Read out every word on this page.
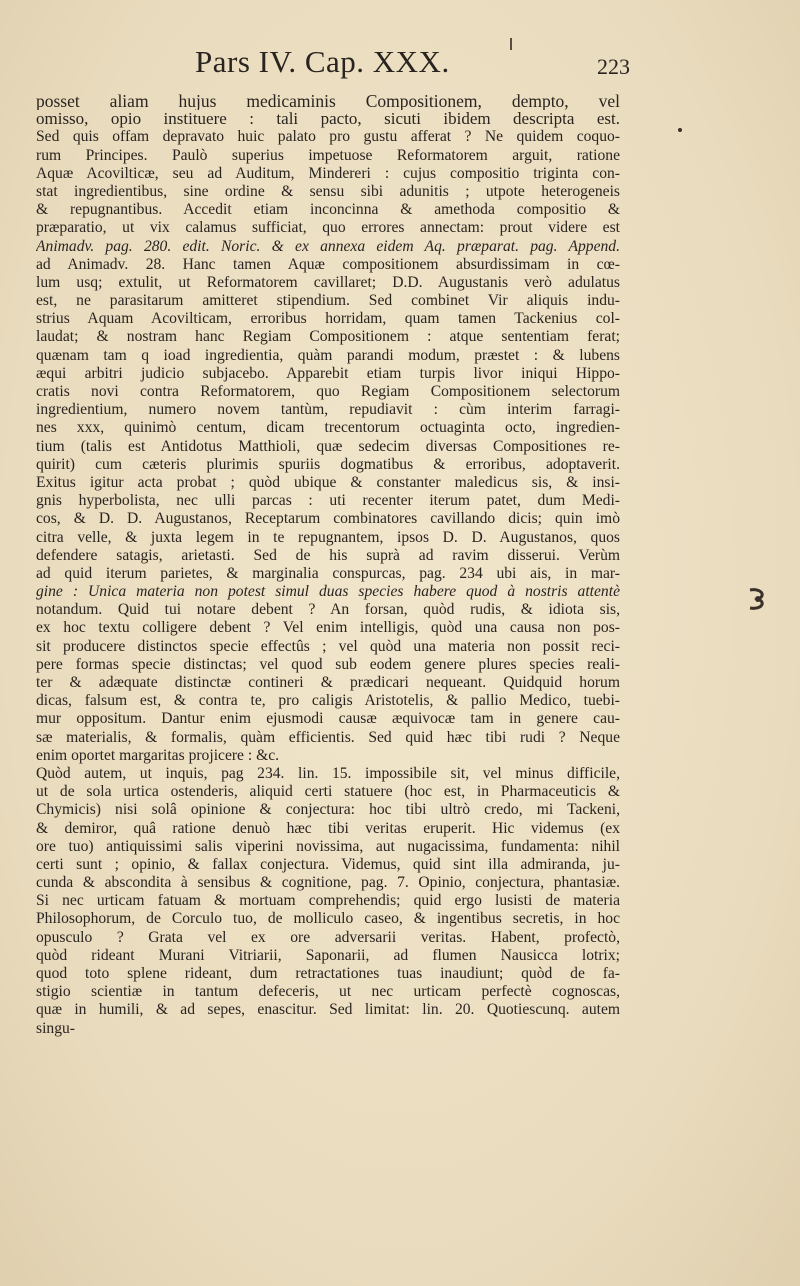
Pars IV. Cap. XXX.	223
posset aliam hujus medicaminis Compositionem, dempto, vel
omisso, opio instituere : tali pacto, sicuti ibidem descripta est.
Sed quis offam depravato huic palato pro gustu afferat ? Ne quidem coquo-
rum Principes. Paulò superius impetuose Reformatorem arguit, ratione
Aquæ Acovilticæ, seu ad Auditum, Mindereri : cujus compositio triginta con-
stat ingredientibus, sine ordine & sensu sibi adunitis ; utpote heterogeneis
& repugnantibus. Accedit etiam inconcinna & amethoda compositio &
præparatio, ut vix calamus sufficiat, quo errores annectam: prout videre est
Animadv. pag. 280. edit. Noric. & ex annexa eidem Aq. præparat. pag. Append.
ad Animadv. 28. Hanc tamen Aquæ compositionem absurdissimam in cœ-
lum usq; extulit, ut Reformatorem cavillaret; D.D. Augustanis verò adulatus
est, ne parasitarum amitteret stipendium. Sed combinet Vir aliquis indu-
strius Aquam Acovilticam, erroribus horridam, quam tamen Tackenius col-
laudat; & nostram hanc Regiam Compositionem : atque sententiam ferat;
quænam tam q ioad ingredientia, quàm parandi modum, præstet : & lubens
æqui arbitri judicio subjacebo. Apparebit etiam turpis livor iniqui Hippo-
cratis novi contra Reformatorem, quo Regiam Compositionem selectorum
ingredientium, numero novem tantùm, repudiavit : cùm interim farragi-
nes xxx, quinimò centum, dicam trecentorum octuaginta octo, ingredien-
tium (talis est Antidotus Matthioli, quæ sedecim diversas Compositiones re-
quirit) cum cæteris plurimis spuriis dogmatibus & erroribus, adoptaverit.
Exitus igitur acta probat ; quòd ubique & constanter maledicus sis, & insi-
gnis hyperbolista, nec ulli parcas : uti recenter iterum patet, dum Medi-
cos, & D. D. Augustanos, Receptarum combinatores cavillando dicis; quin imò
citra velle, & juxta legem in te repugnantem, ipsos D. D. Augustanos, quos
defendere satagis, arietasti. Sed de his suprà ad ravim disserui. Verùm
ad quid iterum parietes, & marginalia conspurcas, pag. 234 ubi ais, in mar-
gine : Unica materia non potest simul duas species habere quod à nostris attentè
notandum. Quid tui notare debent ? An forsan, quòd rudis, & idiota sis,
ex hoc textu colligere debent ? Vel enim intelligis, quòd una causa non pos-
sit producere distinctos specie effectûs ; vel quòd una materia non possit reci-
pere formas specie distinctas; vel quod sub eodem genere plures species reali-
ter & adæquate distinctæ contineri & prædicari nequeant. Quidquid horum
dicas, falsum est, & contra te, pro caligis Aristotelis, & pallio Medico, tuebi-
mur oppositum. Dantur enim ejusmodi causæ æquivocæ tam in genere cau-
sæ materialis, & formalis, quàm efficientis. Sed quid hæc tibi rudi ? Neque
enim oportet margaritas projicere : &c.
Quòd autem, ut inquis, pag 234. lin. 15. impossibile sit, vel minus difficile,
ut de sola urtica ostenderis, aliquid certi statuere (hoc est, in Pharmaceuticis &
Chymicis) nisi solâ opinione & conjectura: hoc tibi ultrò credo, mi Tackeni,
& demiror, quâ ratione denuò hæc tibi veritas eruperit. Hic videmus (ex
ore tuo) antiquissimi salis viperini novissima, aut nugacissima, fundamenta: nihil
certi sunt ; opinio, & fallax conjectura. Videmus, quid sint illa admiranda, ju-
cunda & abscondita à sensibus & cognitione, pag. 7. Opinio, conjectura, phantasiæ.
Si nec urticam fatuam & mortuam comprehendis; quid ergo lusisti de materia
Philosophorum, de Corculo tuo, de molliculo caseo, & ingentibus secretis, in hoc
opusculo ? Grata vel ex ore adversarii veritas. Habent, profectò,
quòd rideant Murani Vitriarii, Saponarii, ad flumen Nausicca lotrix;
quod toto splene rideant, dum retractationes tuas inaudiunt; quòd de fa-
stigio scientiæ in tantum defeceris, ut nec urticam perfectè cognoscas,
quæ in humili, & ad sepes, enascitur. Sed limitat: lin. 20. Quotiescunq. autem
singu-
